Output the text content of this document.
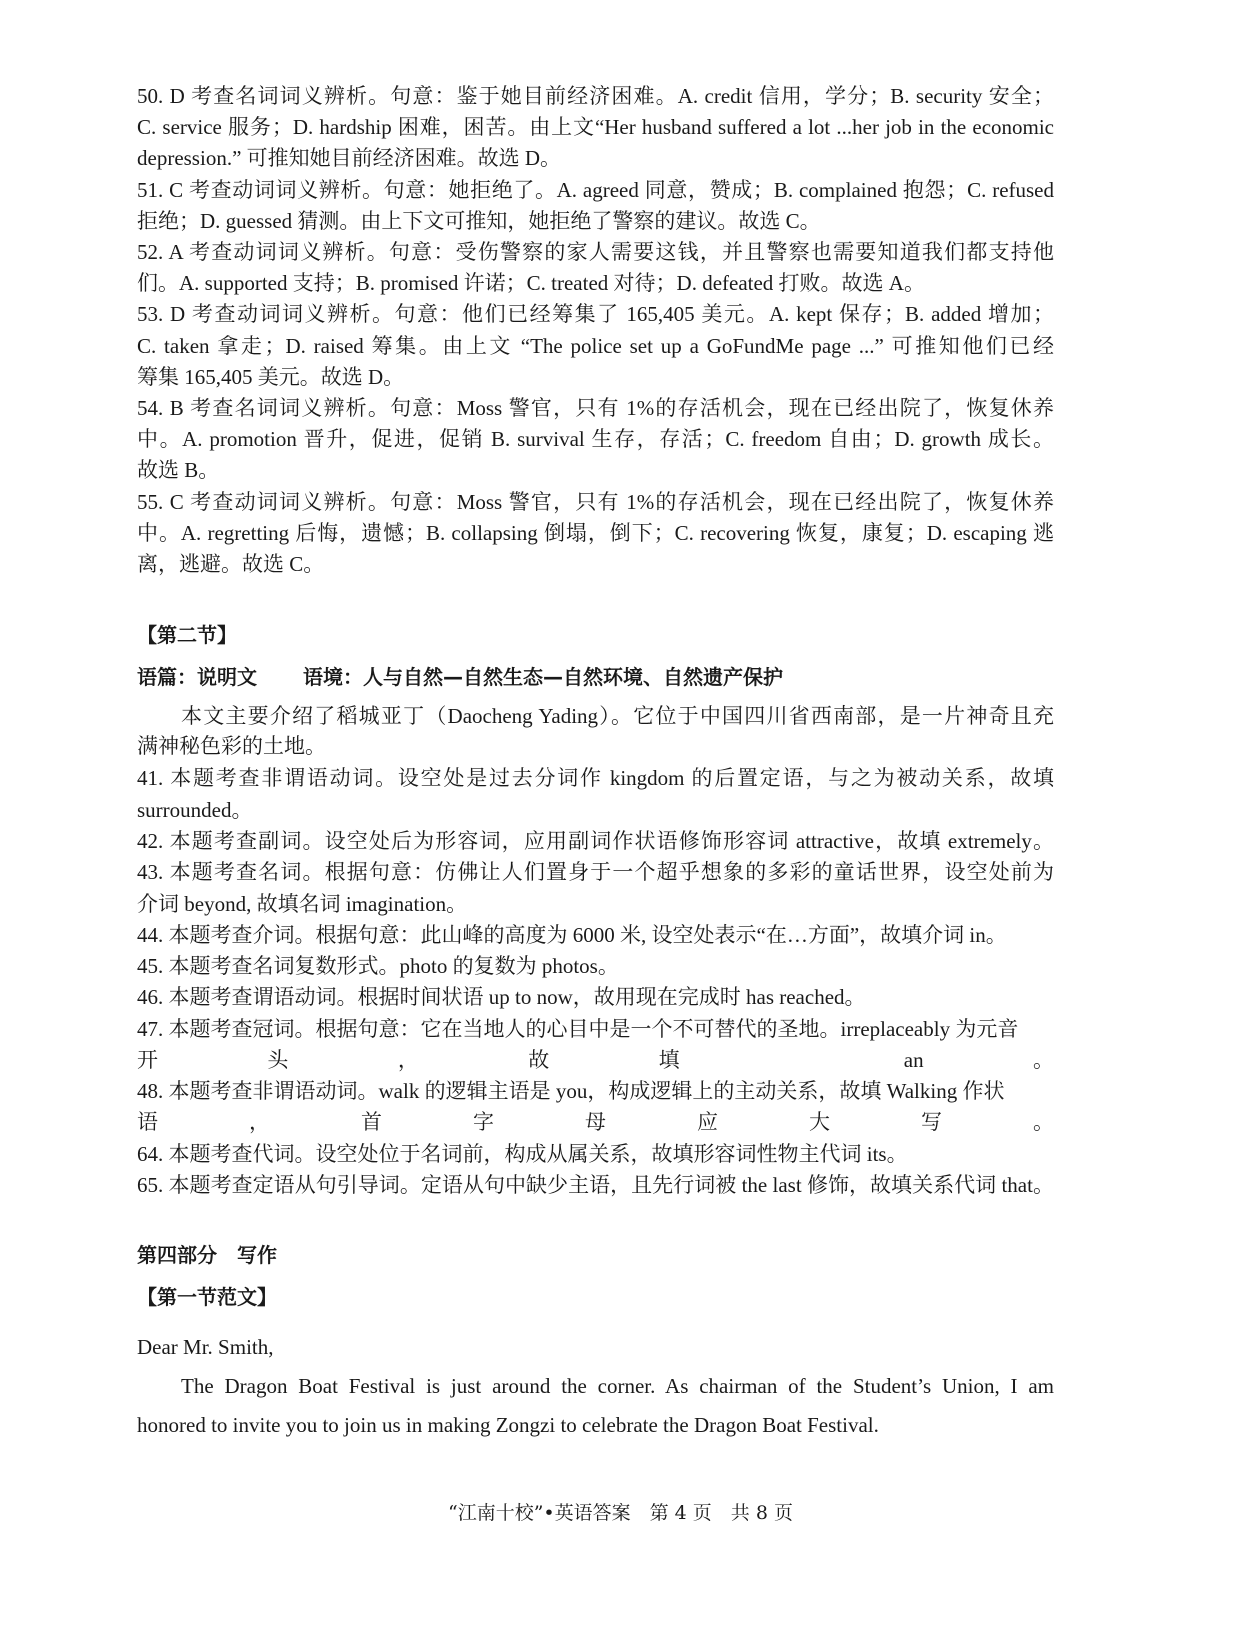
50. D 考查名词词义辨析。句意：鉴于她目前经济困难。A. credit 信用，学分；B. security 安全；
C. service 服务；D. hardship 困难，困苦。由上文“Her husband suffered a lot ...her job in the economic
depression.” 可推知她目前经济困难。故选 D。
51. C 考查动词词义辨析。句意：她拒绝了。A. agreed 同意，赞成；B. complained 抱怨；C. refused
拒绝；D. guessed 猜测。由上下文可推知，她拒绝了警察的建议。故选 C。
52. A 考查动词词义辨析。句意：受伤警察的家人需要这钱，并且警察也需要知道我们都支持他
们。A. supported 支持；B. promised 许诺；C. treated 对待；D. defeated 打败。故选 A。
53. D 考查动词词义辨析。句意：他们已经筹集了 165,405 美元。A. kept 保存；B. added 增加；
C. taken 拿走；D. raised 筹集。由上文 “The police set up a GoFundMe page ...” 可推知他们已经
筹集 165,405 美元。故选 D。
54. B 考查名词词义辨析。句意：Moss 警官，只有 1%的存活机会，现在已经出院了，恢复休养
中。A. promotion 晋升，促进，促销 B. survival 生存，存活；C. freedom 自由；D. growth 成长。
故选 B。
55. C 考查动词词义辨析。句意：Moss 警官，只有 1%的存活机会，现在已经出院了，恢复休养
中。A. regretting 后悔，遗憾；B. collapsing 倒塌，倒下；C. recovering 恢复，康复；D. escaping 逃
离，逃避。故选 C。
【第二节】
语篇：说明文 语境：人与自然—自然生态—自然环境、自然遗产保护
本文主要介绍了稻城亚丁（Daocheng Yading）。它位于中国四川省西南部，是一片神奇且充
满神秘色彩的土地。
41. 本题考查非谓语动词。设空处是过去分词作 kingdom 的后置定语，与之为被动关系，故填
surrounded。
42. 本题考查副词。设空处后为形容词，应用副词作状语修饰形容词 attractive，故填 extremely。
43. 本题考查名词。根据句意：仿佛让人们置身于一个超乎想象的多彩的童话世界，设空处前为
介词 beyond, 故填名词 imagination。
44. 本题考查介词。根据句意：此山峰的高度为 6000 米, 设空处表示“在…方面”，故填介词 in。
45. 本题考查名词复数形式。photo 的复数为 photos。
46. 本题考查谓语动词。根据时间状语 up to now，故用现在完成时 has reached。
47. 本题考查冠词。根据句意：它在当地人的心目中是一个不可替代的圣地。irreplaceably 为元音
开头，故填 an。
48. 本题考查非谓语动词。walk 的逻辑主语是 you，构成逻辑上的主动关系，故填 Walking 作状
语，首字母应大写。
64. 本题考查代词。设空处位于名词前，构成从属关系，故填形容词性物主代词 its。
65. 本题考查定语从句引导词。定语从句中缺少主语，且先行词被 the last 修饰，故填关系代词 that。
第四部分　写作
【第一节范文】
Dear Mr. Smith,
The Dragon Boat Festival is just around the corner. As chairman of the Student’s Union, I am
honored to invite you to join us in making Zongzi to celebrate the Dragon Boat Festival.
“江南十校”•英语答案　第 4 页　共 8 页
